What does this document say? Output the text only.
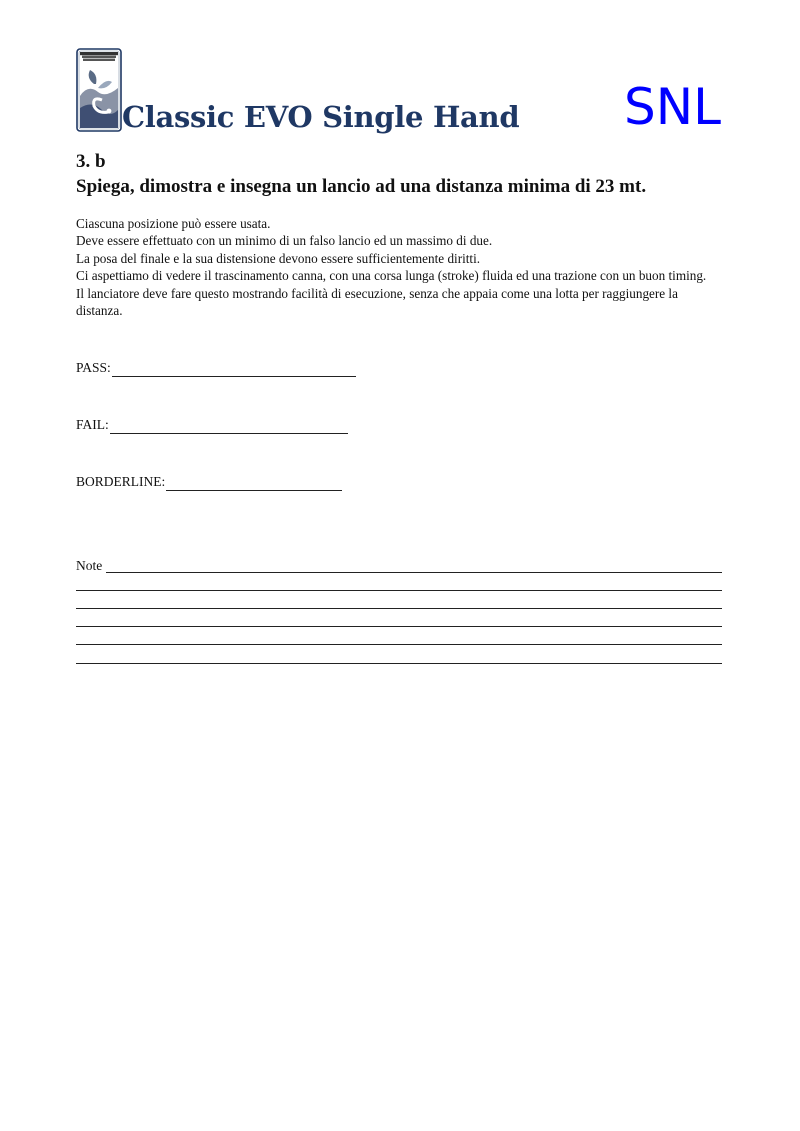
Classic EVO Single Hand SNL
3. b
Spiega, dimostra e insegna un lancio ad una distanza minima di 23 mt.

Ciascuna posizione può essere usata.

Deve essere effettuato con un minimo di un falso lancio ed un massimo di due.

La posa del finale e la sua distensione devono essere sufficientemente diritti.

Ci aspettiamo di vedere il trascinamento canna, con una corsa lunga (stroke) fluida ed una trazione con un buon timing.

Il lanciatore deve fare questo mostrando facilità di esecuzione, senza che appaia come una lotta per raggiungere la distanza.

PASS:
FAIL:
BORDERLINE:
Note
